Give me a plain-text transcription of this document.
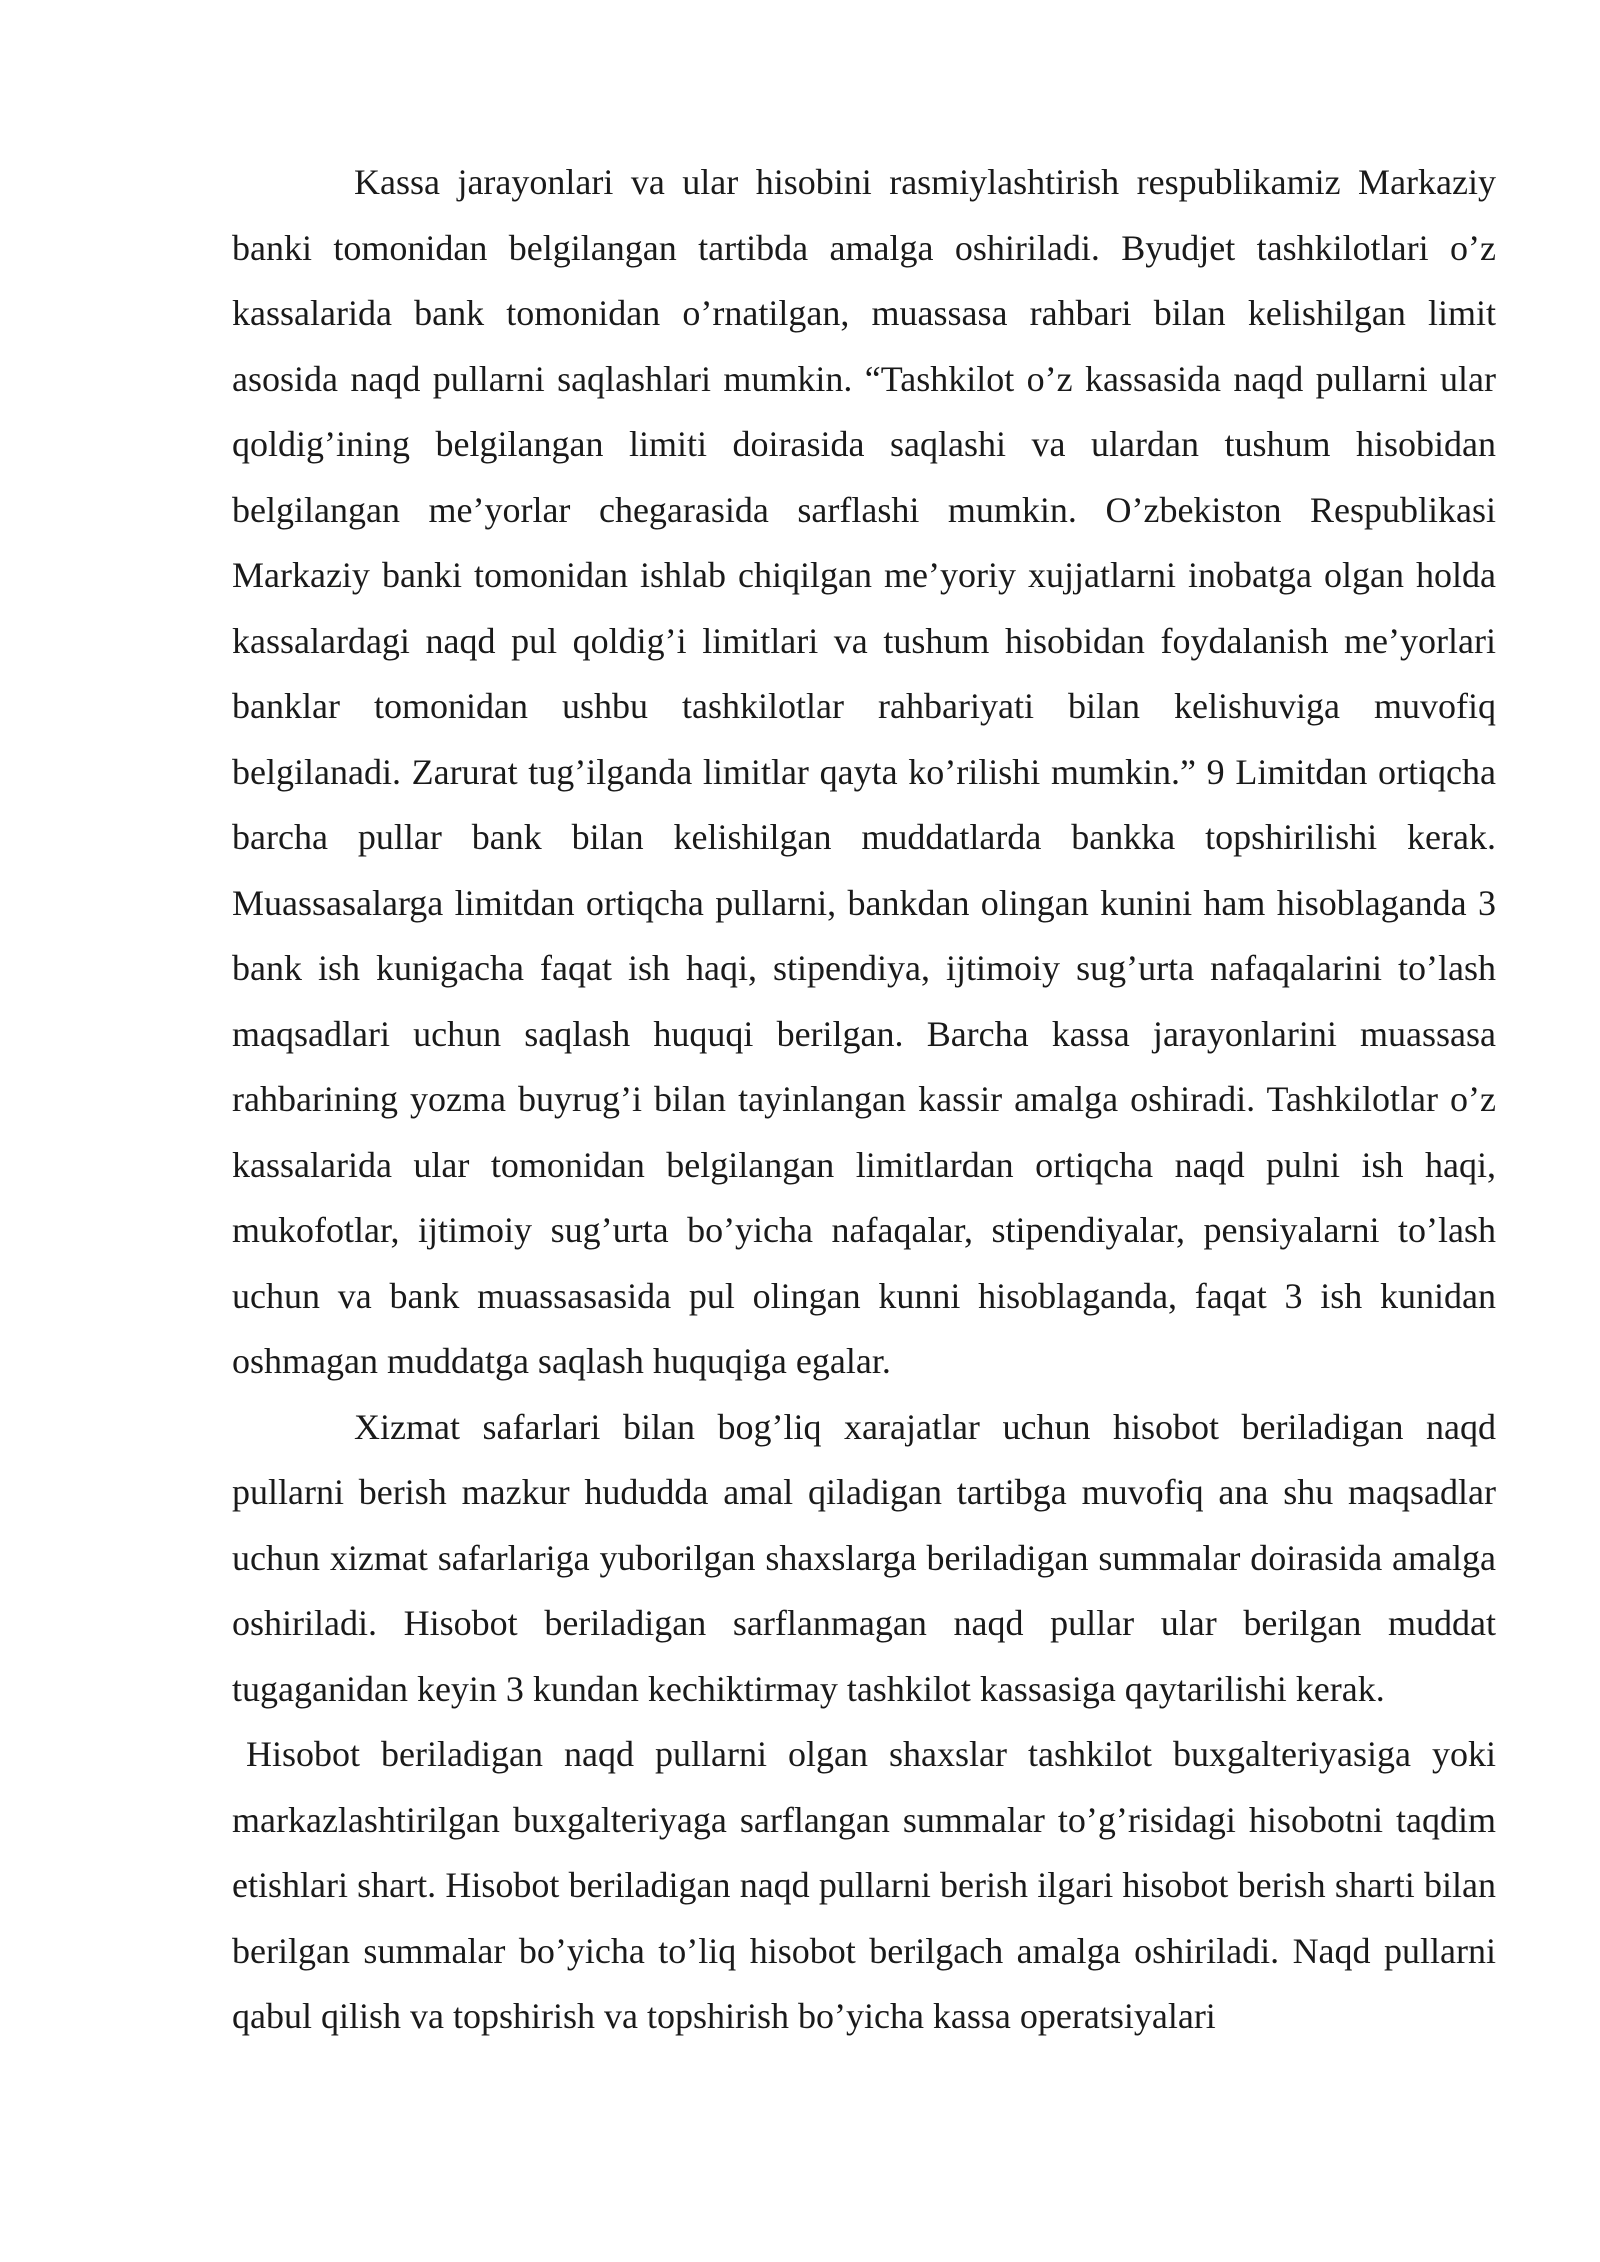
Kassa jarayonlari va ular hisobini rasmiylashtirish respublikamiz Markaziy banki tomonidan belgilangan tartibda amalga oshiriladi. Byudjet tashkilotlari o’z kassalarida bank tomonidan o’rnatilgan, muassasa rahbari bilan kelishilgan limit asosida naqd pullarni saqlashlari mumkin. “Tashkilot o’z kassasida naqd pullarni ular qoldig’ining belgilangan limiti doirasida saqlashi va ulardan tushum hisobidan belgilangan me’yorlar chegarasida sarflashi mumkin. O’zbekiston Respublikasi Markaziy banki tomonidan ishlab chiqilgan me’yoriy xujjatlarni inobatga olgan holda kassalardagi naqd pul qoldig’i limitlari va tushum hisobidan foydalanish me’yorlari banklar tomonidan ushbu tashkilotlar rahbariyati bilan kelishuviga muvofiq belgilanadi. Zarurat tug’ilganda limitlar qayta ko’rilishi mumkin.” 9 Limitdan ortiqcha barcha pullar bank bilan kelishilgan muddatlarda bankka topshirilishi kerak. Muassasalarga limitdan ortiqcha pullarni, bankdan olingan kunini ham hisoblaganda 3 bank ish kunigacha faqat ish haqi, stipendiya, ijtimoiy sug’urta nafaqalarini to’lash maqsadlari uchun saqlash huquqi berilgan. Barcha kassa jarayonlarini muassasa rahbarining yozma buyrug’i bilan tayinlangan kassir amalga oshiradi. Tashkilotlar o’z kassalarida ular tomonidan belgilangan limitlardan ortiqcha naqd pulni ish haqi, mukofotlar, ijtimoiy sug’urta bo’yicha nafaqalar, stipendiyalar, pensiyalarni to’lash uchun va bank muassasasida pul olingan kunni hisoblaganda, faqat 3 ish kunidan oshmagan muddatga saqlash huquqiga egalar.

Xizmat safarlari bilan bog’liq xarajatlar uchun hisobot beriladigan naqd pullarni berish mazkur hududda amal qiladigan tartibga muvofiq ana shu maqsadlar uchun xizmat safarlariga yuborilgan shaxslarga beriladigan summalar doirasida amalga oshiriladi. Hisobot beriladigan sarflanmagan naqd pullar ular berilgan muddat tugaganidan keyin 3 kundan kechiktirmay tashkilot kassasiga qaytarilishi kerak.

Hisobot beriladigan naqd pullarni olgan shaxslar tashkilot buxgalteriyasiga yoki markazlashtirilgan buxgalteriyaga sarflangan summalar to’g’risidagi hisobotni taqdim etishlari shart. Hisobot beriladigan naqd pullarni berish ilgari hisobot berish sharti bilan berilgan summalar bo’yicha to’liq hisobot berilgach amalga oshiriladi. Naqd pullarni qabul qilish va topshirish va topshirish bo’yicha kassa operatsiyalari
